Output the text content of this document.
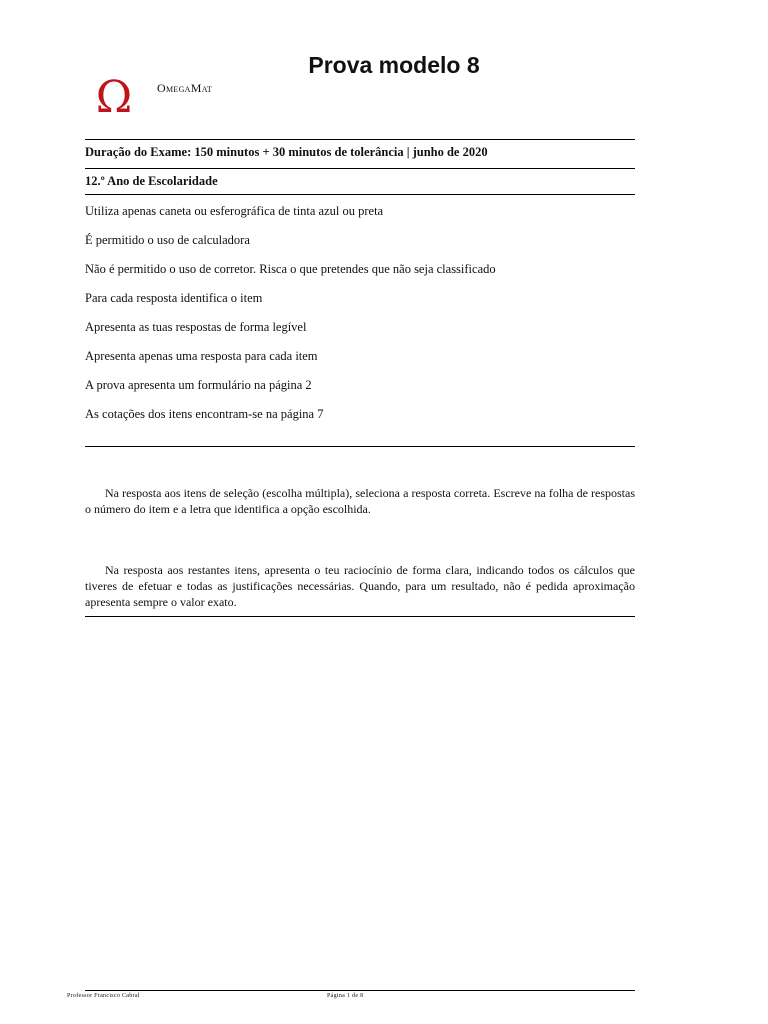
Ω OmegaMat
Prova modelo 8
Duração do Exame: 150 minutos + 30 minutos de tolerância | junho de 2020
12.º Ano de Escolaridade
Utiliza apenas caneta ou esferográfica de tinta azul ou preta
É permitido o uso de calculadora
Não é permitido o uso de corretor. Risca o que pretendes que não seja classificado
Para cada resposta identifica o item
Apresenta as tuas respostas de forma legível
Apresenta apenas uma resposta para cada item
A prova apresenta um formulário na página 2
As cotações dos itens encontram-se na página 7

Na resposta aos itens de seleção (escolha múltipla), seleciona a resposta correta. Escreve na folha de respostas o número do item e a letra que identifica a opção escolhida.

Na resposta aos restantes itens, apresenta o teu raciocínio de forma clara, indicando todos os cálculos que tiveres de efetuar e todas as justificações necessárias. Quando, para um resultado, não é pedida aproximação apresenta sempre o valor exato.

Professor Francisco Cabral	Página 1 de 8
